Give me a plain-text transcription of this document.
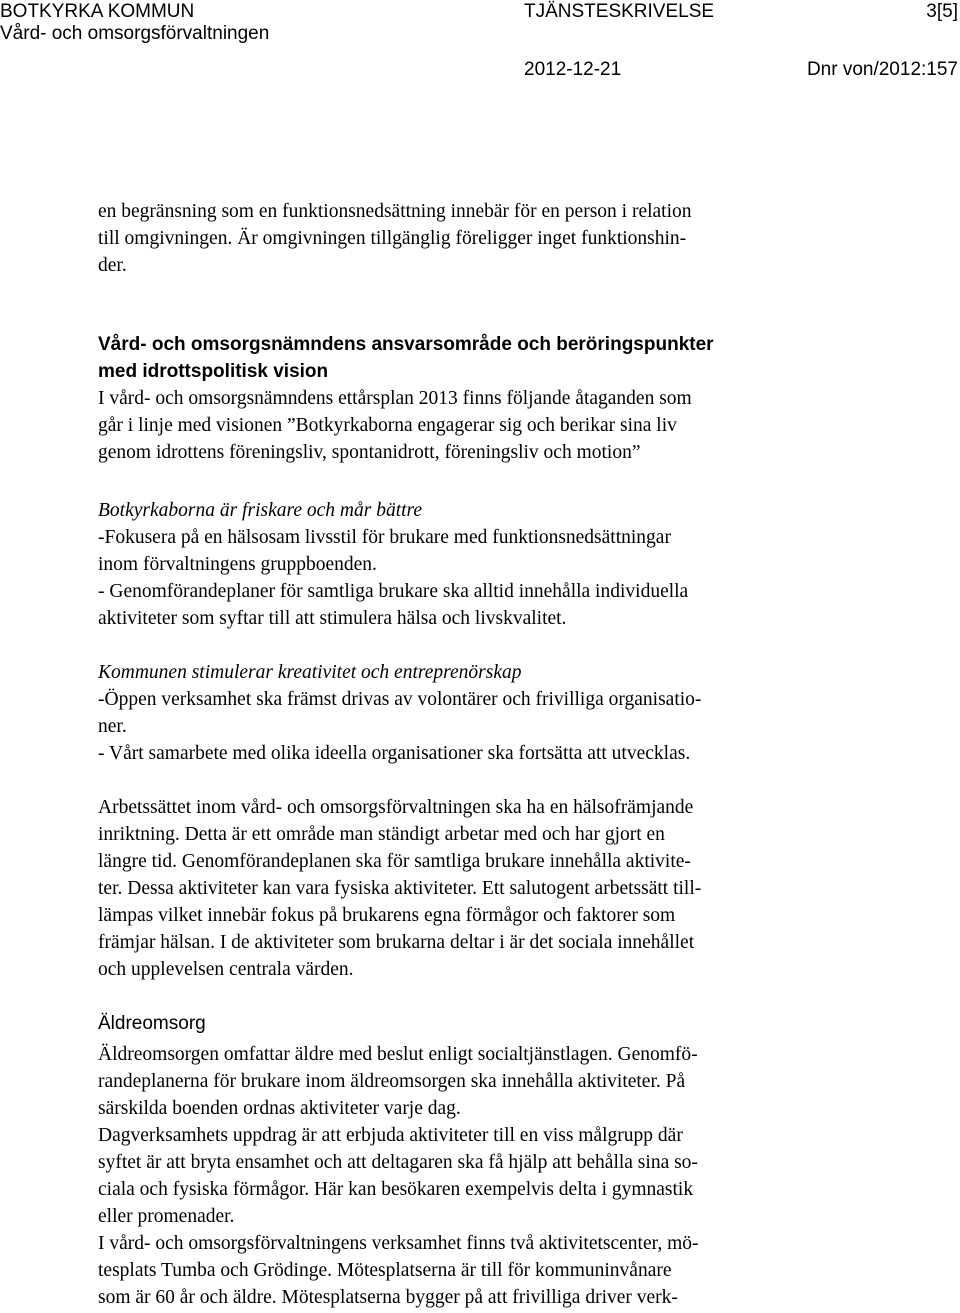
BOTKYRKA KOMMUN	TJÄNSTESKRIVELSE	3[5]
Vård- och omsorgsförvaltningen
2012-12-21	Dnr von/2012:157

en begränsning som en funktionsnedsättning innebär för en person i relation
till omgivningen. Är omgivningen tillgänglig föreligger inget funktionshin-
der.

Vård- och omsorgsnämndens ansvarsområde och beröringspunkter
med idrottspolitisk vision

I vård- och omsorgsnämndens ettårsplan 2013 finns följande åtaganden som
går i linje med visionen ”Botkyrkaborna engagerar sig och berikar sina liv
genom idrottens föreningsliv, spontanidrott, föreningsliv och motion”

Botkyrkaborna är friskare och mår bättre
-Fokusera på en hälsosam livsstil för brukare med funktionsnedsättningar
inom förvaltningens gruppboenden.
- Genomförandeplaner för samtliga brukare ska alltid innehålla individuella
aktiviteter som syftar till att stimulera hälsa och livskvalitet.

Kommunen stimulerar kreativitet och entreprenörskap
-Öppen verksamhet ska främst drivas av volontärer och frivilliga organisatio-
ner.
- Vårt samarbete med olika ideella organisationer ska fortsätta att utvecklas.

Arbetssättet inom vård- och omsorgsförvaltningen ska ha en hälsofrämjande
inriktning. Detta är ett område man ständigt arbetar med och har gjort en
längre tid. Genomförandeplanen ska för samtliga brukare innehålla aktivite-
ter. Dessa aktiviteter kan vara fysiska aktiviteter. Ett salutogent arbetssätt till-
lämpas vilket innebär fokus på brukarens egna förmågor och faktorer som
främjar hälsan. I de aktiviteter som brukarna deltar i är det sociala innehållet
och upplevelsen centrala värden.

Äldreomsorg

Äldreomsorgen omfattar äldre med beslut enligt socialtjänstlagen. Genomfö-
randeplanerna för brukare inom äldreomsorgen ska innehålla aktiviteter. På
särskilda boenden ordnas aktiviteter varje dag.
Dagverksamhets uppdrag är att erbjuda aktiviteter till en viss målgrupp där
syftet är att bryta ensamhet och att deltagaren ska få hjälp att behålla sina so-
ciala och fysiska förmågor. Här kan besökaren exempelvis delta i gymnastik
eller promenader.
I vård- och omsorgsförvaltningens verksamhet finns två aktivitetscenter, mö-
tesplats Tumba och Grödinge. Mötesplatserna är till för kommuninvånare
som är 60 år och äldre. Mötesplatserna bygger på att frivilliga driver verk-
